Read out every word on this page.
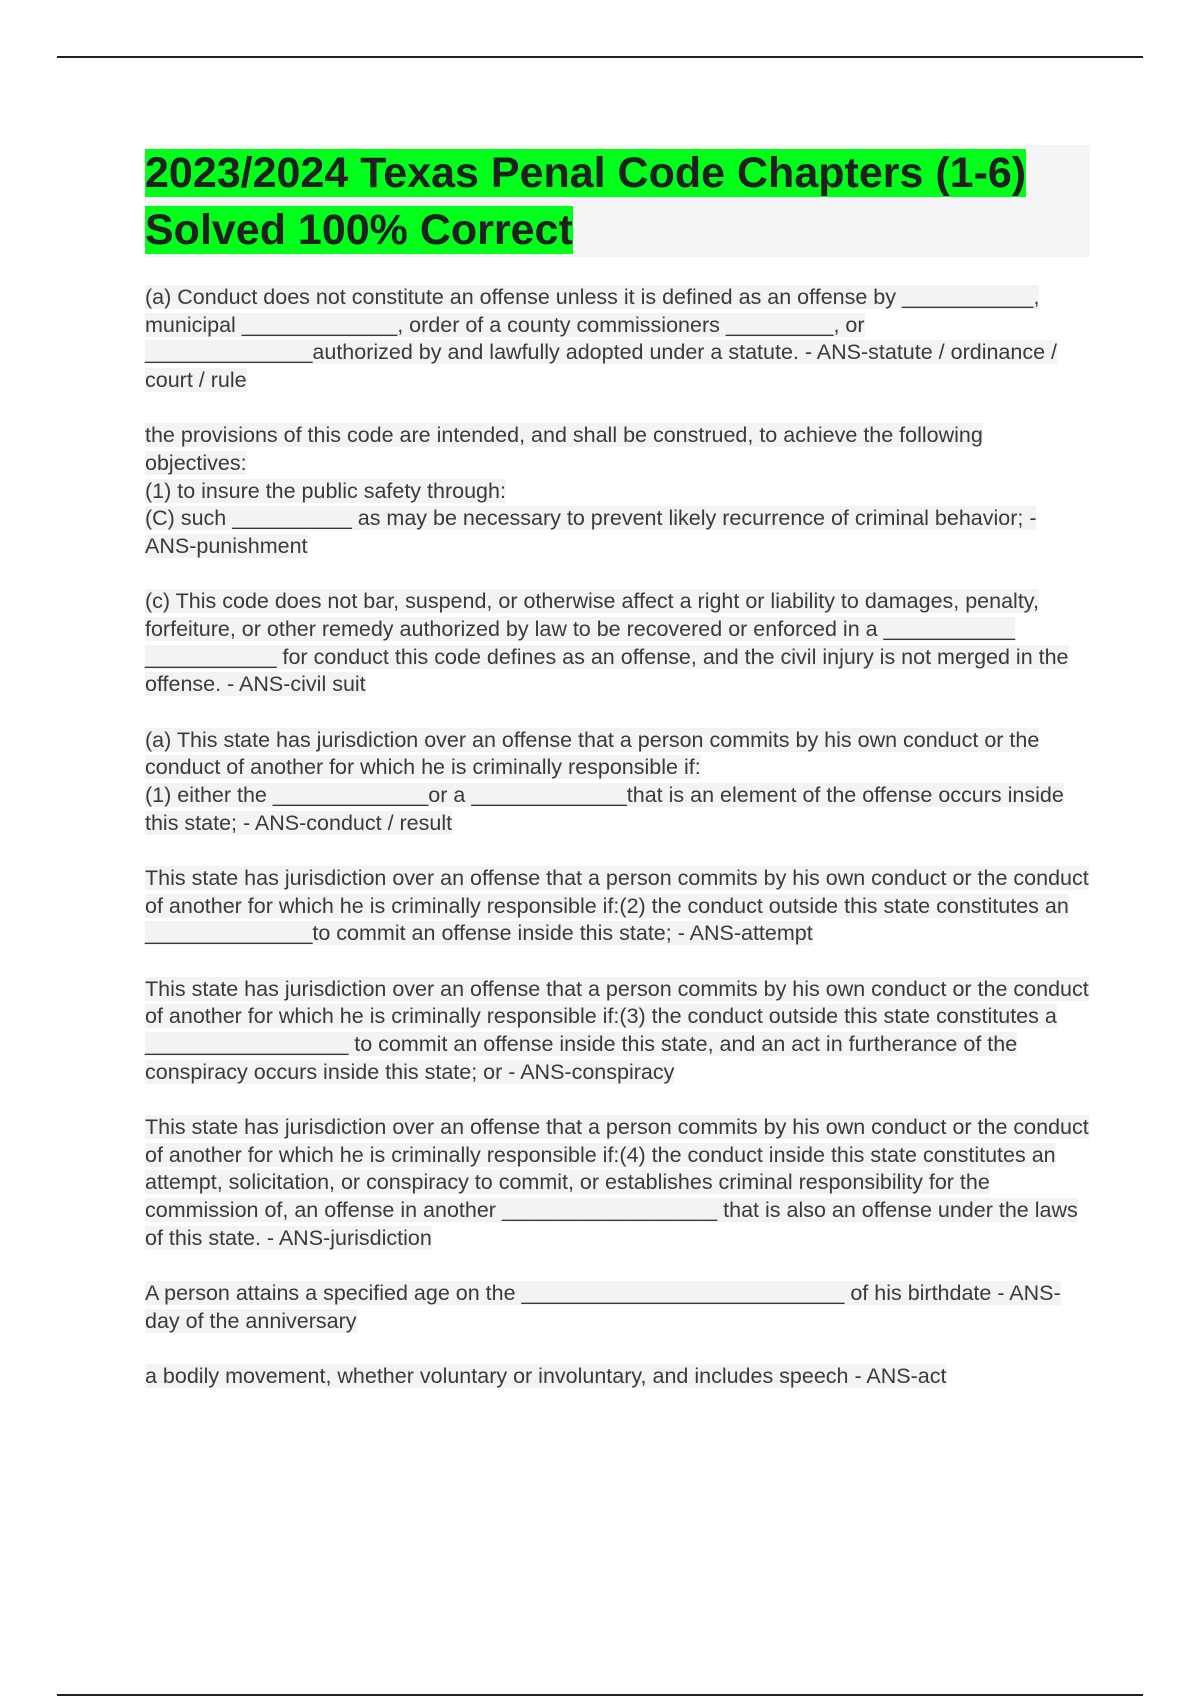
2023/2024 Texas Penal Code Chapters (1-6) Solved 100% Correct

(a) Conduct does not constitute an offense unless it is defined as an offense by ___________, municipal _____________, order of a county commissioners _________, or ______________authorized by and lawfully adopted under a statute. - ANS-statute / ordinance / court / rule

the provisions of this code are intended, and shall be construed, to achieve the following objectives:
(1) to insure the public safety through:
(C) such __________ as may be necessary to prevent likely recurrence of criminal behavior; - ANS-punishment

(c) This code does not bar, suspend, or otherwise affect a right or liability to damages, penalty, forfeiture, or other remedy authorized by law to be recovered or enforced in a ___________ ___________ for conduct this code defines as an offense, and the civil injury is not merged in the offense. - ANS-civil suit

(a) This state has jurisdiction over an offense that a person commits by his own conduct or the conduct of another for which he is criminally responsible if:
(1) either the _____________or a _____________that is an element of the offense occurs inside this state; - ANS-conduct / result

This state has jurisdiction over an offense that a person commits by his own conduct or the conduct of another for which he is criminally responsible if:(2) the conduct outside this state constitutes an ______________to commit an offense inside this state; - ANS-attempt

This state has jurisdiction over an offense that a person commits by his own conduct or the conduct of another for which he is criminally responsible if:(3) the conduct outside this state constitutes a _________________ to commit an offense inside this state, and an act in furtherance of the conspiracy occurs inside this state; or - ANS-conspiracy

This state has jurisdiction over an offense that a person commits by his own conduct or the conduct of another for which he is criminally responsible if:(4) the conduct inside this state constitutes an attempt, solicitation, or conspiracy to commit, or establishes criminal responsibility for the commission of, an offense in another __________________ that is also an offense under the laws of this state. - ANS-jurisdiction

A person attains a specified age on the ___________________________ of his birthdate - ANS-day of the anniversary

a bodily movement, whether voluntary or involuntary, and includes speech - ANS-act
